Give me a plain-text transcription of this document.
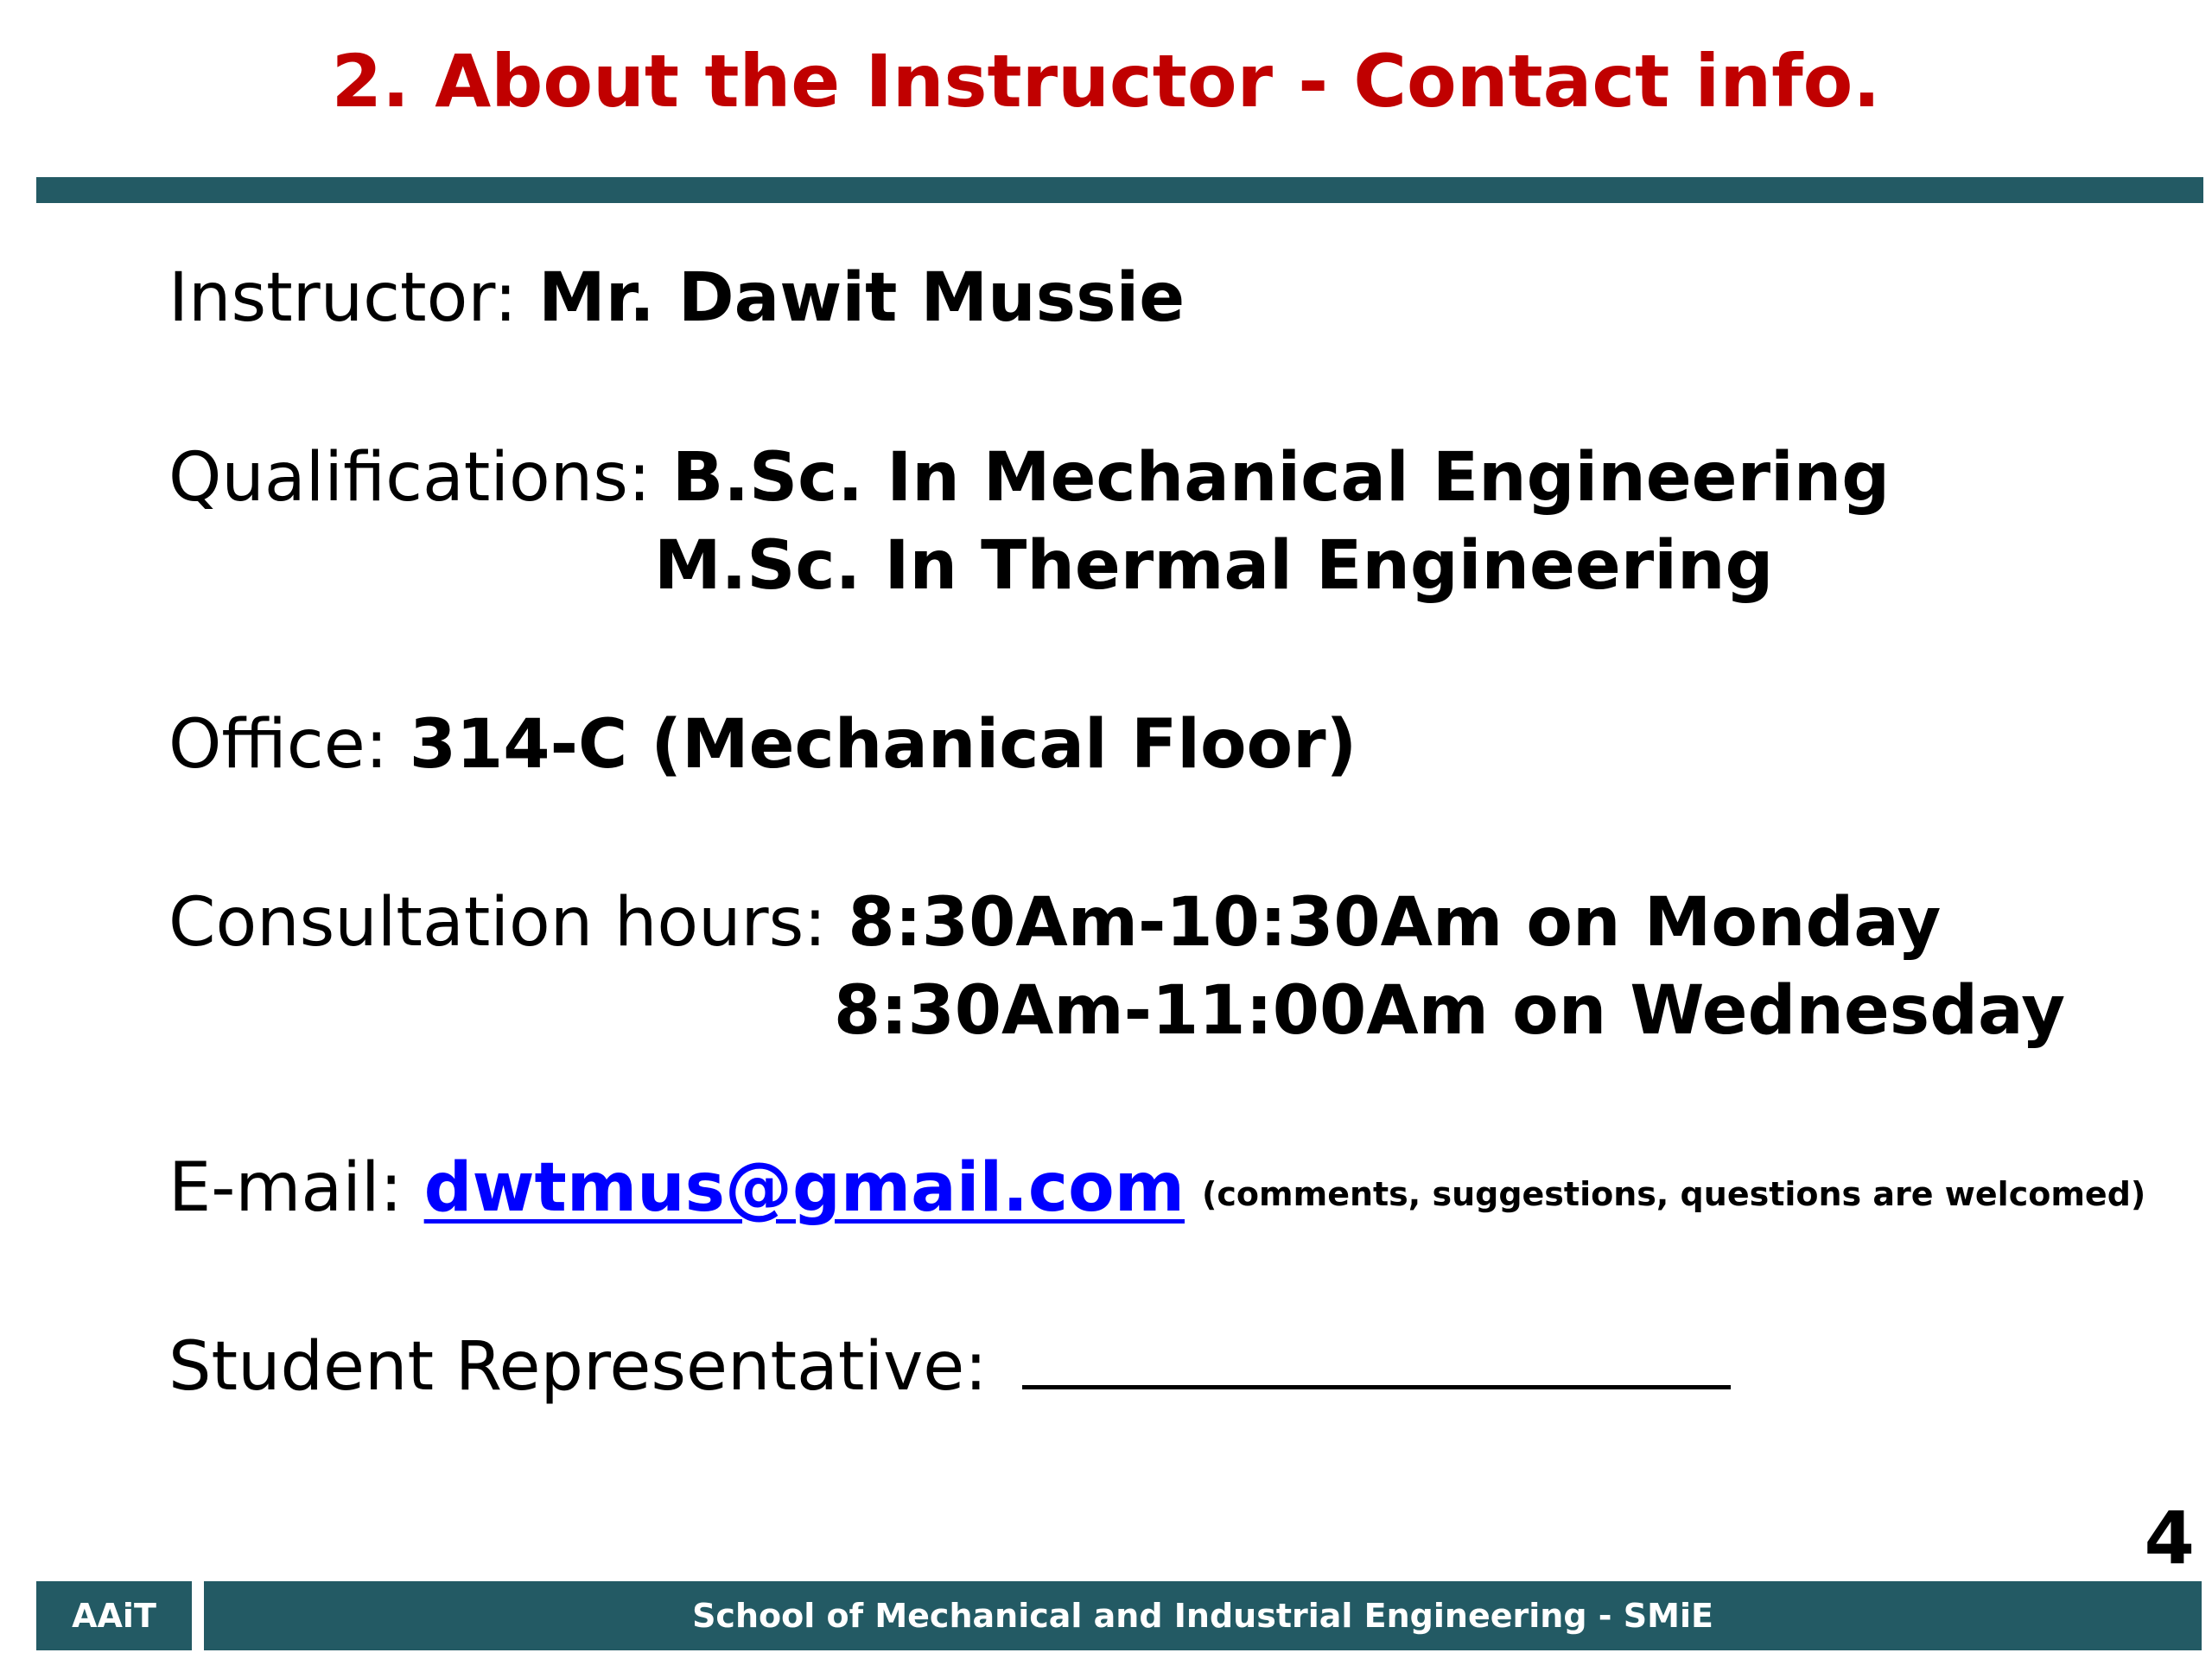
2. About the Instructor - Contact info.
Instructor: Mr. Dawit Mussie
Qualifications: B.Sc. In Mechanical Engineering
M.Sc. In Thermal Engineering
Office: 314-C (Mechanical Floor)
Consultation hours: 8:30Am-10:30Am on Monday
8:30Am-11:00Am on Wednesday
E-mail: dwtmus@gmail.com (comments, suggestions, questions are welcomed)
Student Representative:
4
AAiT	School of Mechanical and Industrial Engineering - SMiE
